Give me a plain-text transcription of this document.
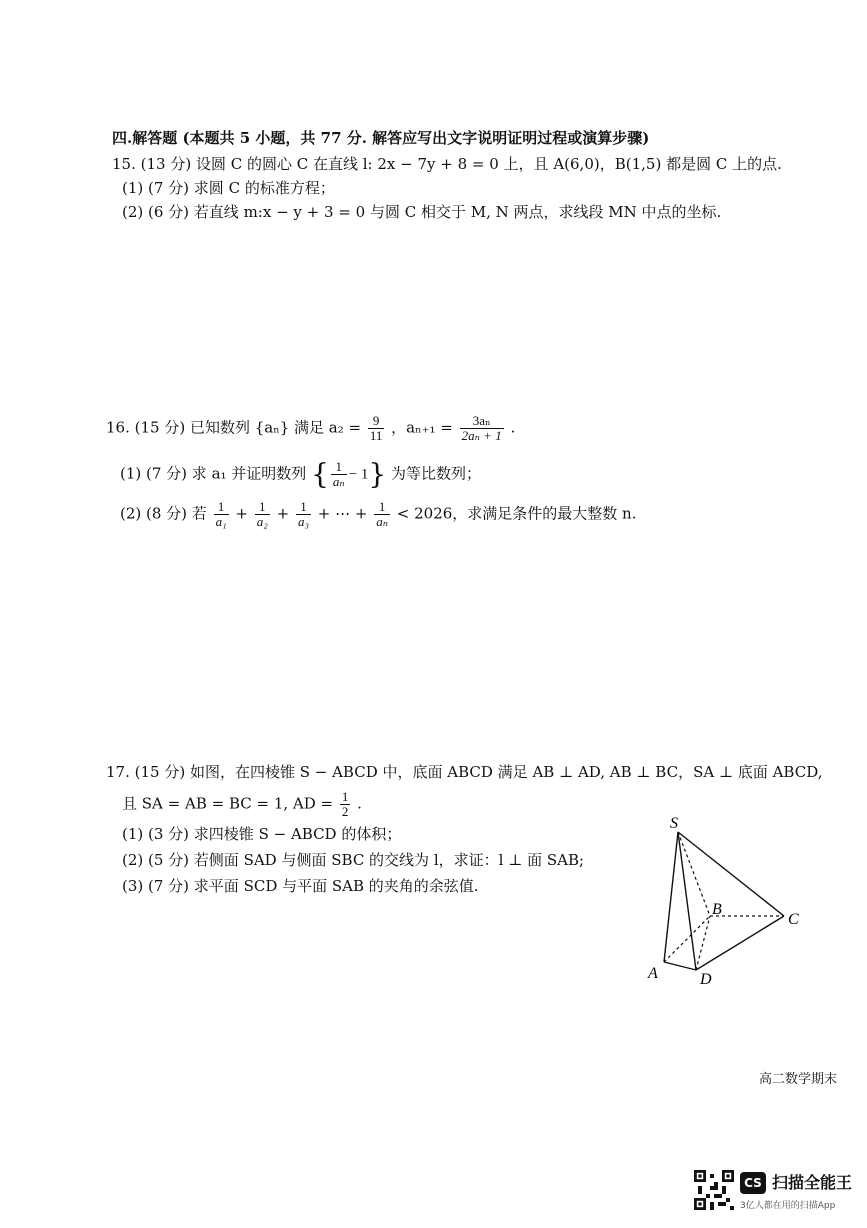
四.解答题 (本题共 5 小题，共 77 分. 解答应写出文字说明证明过程或演算步骤)
15. (13 分) 设圆 C 的圆心 C 在直线 l: 2x − 7y + 8 = 0 上，且 A(6,0)，B(1,5) 都是圆 C 上的点.
(1) (7 分) 求圆 C 的标准方程；
(2) (6 分) 若直线 m:x − y + 3 = 0 与圆 C 相交于 M, N 两点，求线段 MN 中点的坐标.
16. (15 分) 已知数列 {aₙ} 满足 $a_2 = \frac{9}{11}$ ，$a_{n+1} = \frac{\text{3aₙ}}{\text{2aₙ + 1}}$ .
(1) (7 分) 求 a₁ 并证明数列 { $\frac{1}{\text{aₙ}} - 1$} 为等比数列；
(2) (8 分) 若 $\frac{1}{\text{a₁}} + \frac{1}{\text{a₂}} + \frac{1}{\text{a₃}}$ + ⋯ + $\frac{1}{\text{aₙ}} < 2026$，求满足条件的最大整数 n.
17. (15 分) 如图，在四棱锥 S − ABCD 中，底面 ABCD 满足 AB ⊥ AD, AB ⊥ BC，SA ⊥ 底面 ABCD,
且 SA = AB = BC = 1, AD = $\frac{1}{2}$ .
(1) (3 分) 求四棱锥 S − ABCD 的体积；
(2) (5 分) 若侧面 SAD 与侧面 SBC 的交线为 l，求证：l ⊥ 面 SAB;
(3) (7 分) 求平面 SCD 与平面 SAB 的夹角的余弦值.
S
A
B
C
D
高二数学期末
CS 扫描全能王
3亿人都在用的扫描App
